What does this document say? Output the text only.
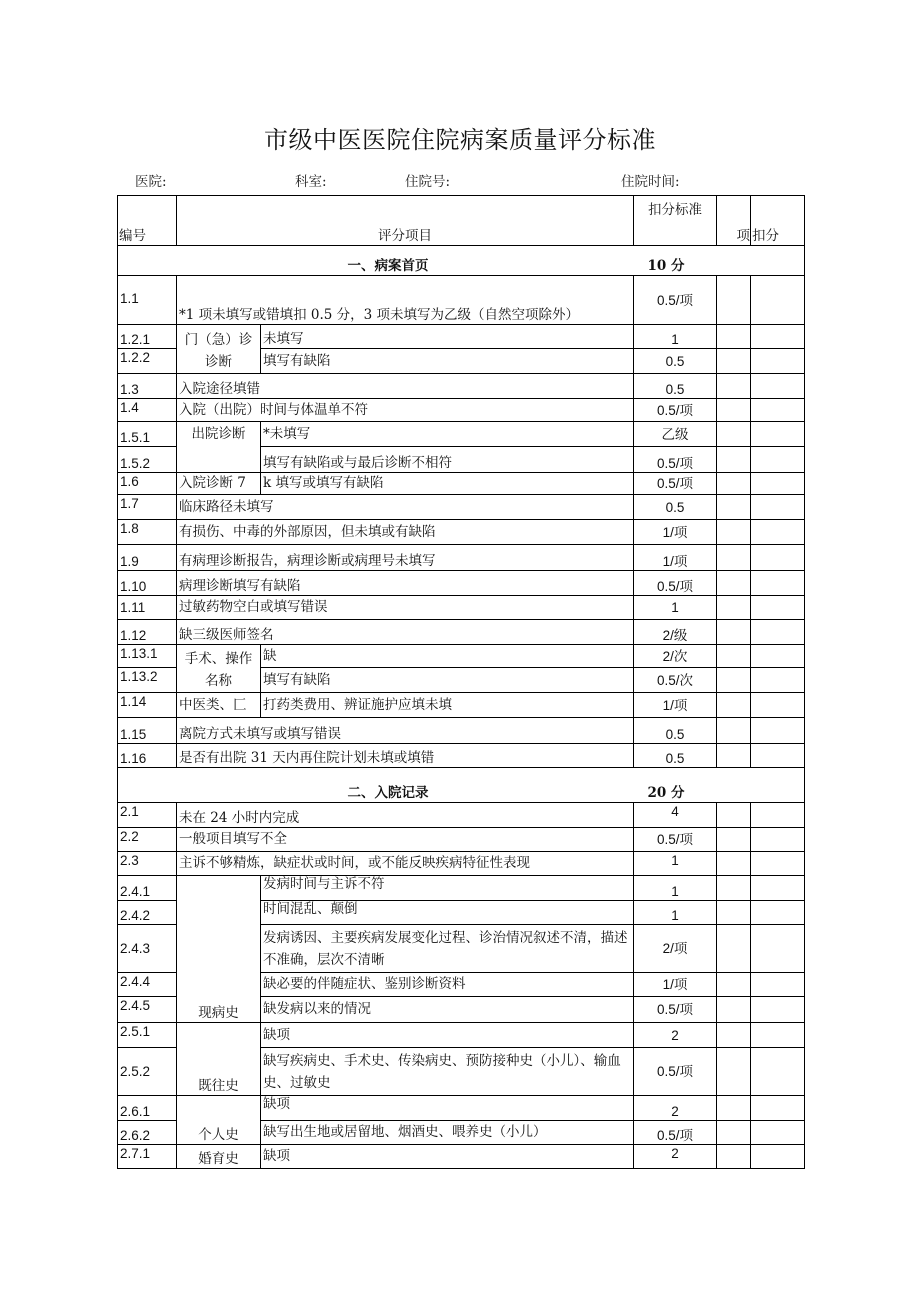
市级中医医院住院病案质量评分标准
医院:	科室:	住院号:	住院时间:
编号	评分项目		扣分标准	项	扣分
一、病案首页 10 分					
1.1	*1 项未填写或错填扣 0.5 分，3 项未填写为乙级（自然空项除外）		0.5/项		
1.2.1	门（急）诊诊断	未填写	1		
1.2.2		填写有缺陷	0.5		
1.3	入院途径填错		0.5		
1.4	入院（出院）时间与体温单不符		0.5/项		
1.5.1	出院诊断	*未填写	乙级		
1.5.2		填写有缺陷或与最后诊断不相符	0.5/项		
1.6	入院诊断 7	k 填写或填写有缺陷	0.5/项		
1.7	临床路径未填写		0.5		
1.8	有损伤、中毒的外部原因，但未填或有缺陷		1/项		
1.9	有病理诊断报告，病理诊断或病理号未填写		1/项		
1.10	病理诊断填写有缺陷		0.5/项		
1.11	过敏药物空白或填写错误		1		
1.12	缺三级医师签名		2/级		
1.13.1	手术、操作名称	缺	2/次		
1.13.2		填写有缺陷	0.5/次		
1.14	中医类、匚	打药类费用、辨证施护应填未填	1/项		
1.15	离院方式未填写或填写错误		0.5		
1.16	是否有出院 31 天内再住院计划未填或填错		0.5		
二、入院记录 20 分					
2.1	未在 24 小时内完成		4		
2.2	一般项目填写不全		0.5/项		
2.3	主诉不够精炼，缺症状或时间，或不能反映疾病特征性表现		1		
2.4.1	现病史	发病时间与主诉不符	1		
2.4.2		时间混乱、颠倒	1		
2.4.3		发病诱因、主要疾病发展变化过程、诊治情况叙述不清，描述不准确，层次不清晰	2/项		
2.4.4		缺必要的伴随症状、鉴别诊断资料	1/项		
2.4.5		缺发病以来的情况	0.5/项		
2.5.1	既往史	缺项	2		
2.5.2		缺写疾病史、手术史、传染病史、预防接种史（小儿）、输血史、过敏史	0.5/项		
2.6.1	个人史	缺项	2		
2.6.2		缺写出生地或居留地、烟酒史、喂养史（小儿）	0.5/项		
2.7.1	婚育史	缺项	2		
